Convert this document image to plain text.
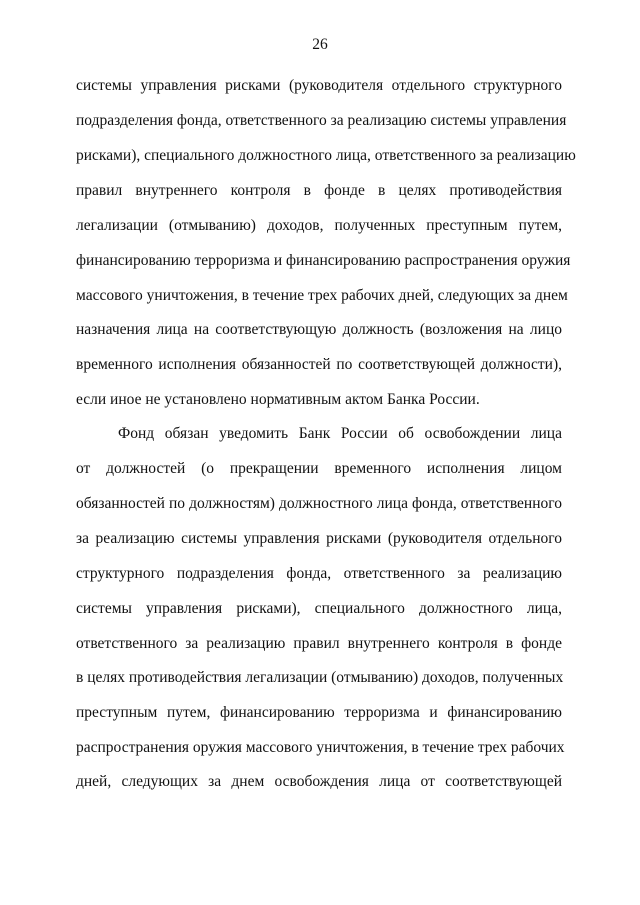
26
системы управления рисками (руководителя отдельного структурного
подразделения фонда, ответственного за реализацию системы управления
рисками), специального должностного лица, ответственного за реализацию
правил внутреннего контроля в фонде в целях противодействия
легализации (отмыванию) доходов, полученных преступным путем,
финансированию терроризма и финансированию распространения оружия
массового уничтожения, в течение трех рабочих дней, следующих за днем
назначения лица на соответствующую должность (возложения на лицо
временного исполнения обязанностей по соответствующей должности),
если иное не установлено нормативным актом Банка России.
Фонд обязан уведомить Банк России об освобождении лица
от должностей (о прекращении временного исполнения лицом
обязанностей по должностям) должностного лица фонда, ответственного
за реализацию системы управления рисками (руководителя отдельного
структурного подразделения фонда, ответственного за реализацию
системы управления рисками), специального должностного лица,
ответственного за реализацию правил внутреннего контроля в фонде
в целях противодействия легализации (отмыванию) доходов, полученных
преступным путем, финансированию терроризма и финансированию
распространения оружия массового уничтожения, в течение трех рабочих
дней, следующих за днем освобождения лица от соответствующей
